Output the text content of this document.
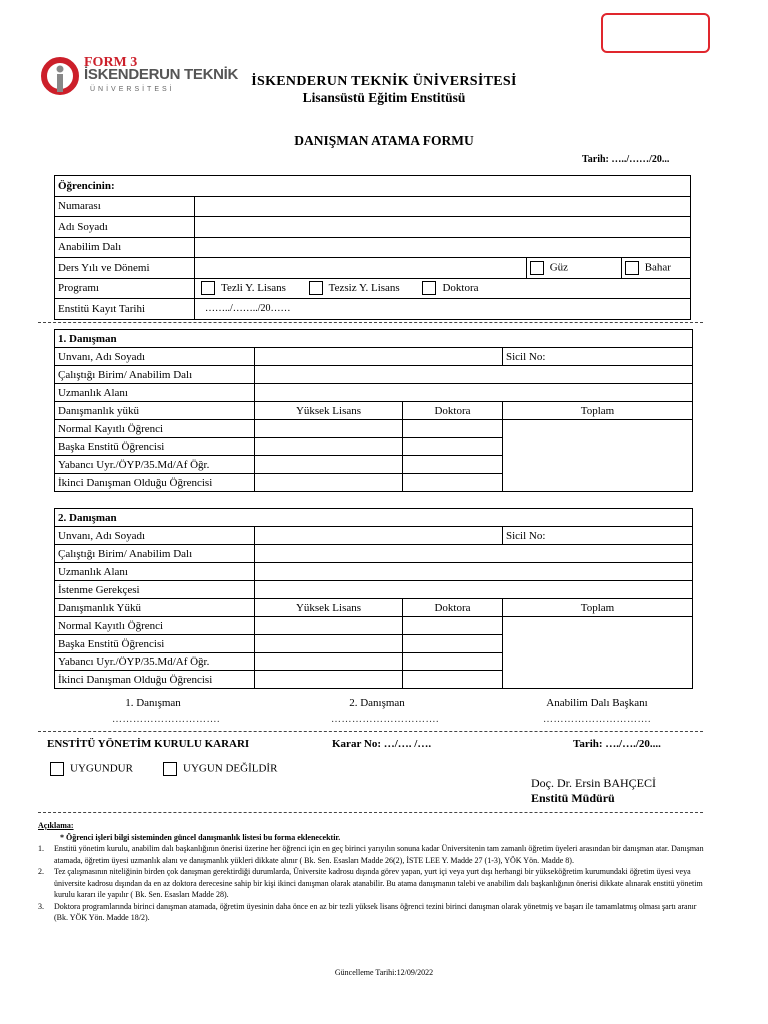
FORM 3
İSKENDERUN TEKNİK
ÜNİVERSİTESİ
İSKENDERUN TEKNİK ÜNİVERSİTESİ
Lisansüstü Eğitim Enstitüsü
DANIŞMAN ATAMA FORMU
Tarih: …../……/20...
Öğrencinin:			
Numarası			
Adı Soyadı			
Anabilim Dalı			
Ders Yılı ve Dönemi		Güz	Bahar
Programı	Tezli Y. Lisans Tezsiz Y. Lisans Doktora		
Enstitü Kayıt Tarihi	……../……../20……		
1. Danışman			
Unvanı, Adı Soyadı			Sicil No:
Çalıştığı Birim/ Anabilim Dalı			
Uzmanlık Alanı			
Danışmanlık yükü	Yüksek Lisans	Doktora	Toplam
Normal Kayıtlı Öğrenci			
Başka Enstitü Öğrencisi			
Yabancı Uyr./ÖYP/35.Md/Af Öğr.			
İkinci Danışman Olduğu Öğrencisi			
2. Danışman			
Unvanı, Adı Soyadı			Sicil No:
Çalıştığı Birim/ Anabilim Dalı			
Uzmanlık Alanı			
İstenme Gerekçesi			
Danışmanlık Yükü	Yüksek Lisans	Doktora	Toplam
Normal Kayıtlı Öğrenci			
Başka Enstitü Öğrencisi			
Yabancı Uyr./ÖYP/35.Md/Af Öğr.			
İkinci Danışman Olduğu Öğrencisi			
1. Danışman	2. Danışman	Anabilim Dalı Başkanı
………………………….	………………………….	………………………….
ENSTİTÜ YÖNETİM KURULU KARARI	Karar No: …/…. /….	Tarih: …./…./20....
UYGUNDUR	UYGUN DEĞİLDİR
Doç. Dr. Ersin BAHÇECİ
Enstitü Müdürü

Açıklama:

* Öğrenci işleri bilgi sisteminden güncel danışmanlık listesi bu forma eklenecektir.

1.	Enstitü yönetim kurulu, anabilim dalı başkanlığının önerisi üzerine her öğrenci için en geç birinci yarıyılın sonuna kadar Üniversitenin tam zamanlı öğretim üyeleri arasından bir danışman atar. Danışman atamada, öğretim üyesi uzmanlık alanı ve danışmanlık yükleri dikkate alınır ( Bk. Sen. Esasları Madde 26(2), İSTE LEE Y. Madde 27 (1-3), YÖK Yön. Madde 8).

2.	Tez çalışmasının niteliğinin birden çok danışman gerektirdiği durumlarda, Üniversite kadrosu dışında görev yapan, yurt içi veya yurt dışı herhangi bir yükseköğretim kurumundaki öğretim üyesi veya üniversite kadrosu dışından da en az doktora derecesine sahip bir kişi ikinci danışman olarak atanabilir. Bu atama danışmanın talebi ve anabilim dalı başkanlığının önerisi dikkate alınarak enstitü yönetim kurulu kararı ile yapılır ( Bk. Sen. Esasları Madde 28).

3.	Doktora programlarında birinci danışman atamada, öğretim üyesinin daha önce en az bir tezli yüksek lisans öğrenci tezini birinci danışman olarak yönetmiş ve başarı ile tamamlatmış olması şartı aranır (Bk. YÖK Yön. Madde 18/2).

Güncelleme Tarihi:12/09/2022
